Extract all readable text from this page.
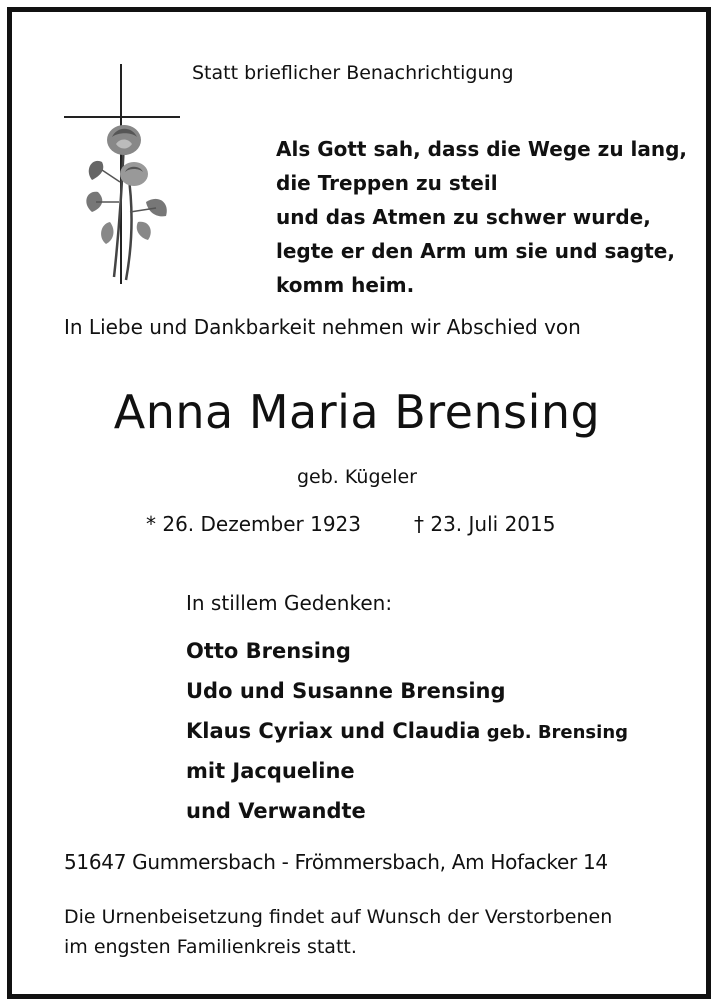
Statt brieflicher Benachrichtigung
Als Gott sah, dass die Wege zu lang,
die Treppen zu steil
und das Atmen zu schwer wurde,
legte er den Arm um sie und sagte,
komm heim.
In Liebe und Dankbarkeit nehmen wir Abschied von
Anna Maria Brensing
geb. Kügeler
* 26. Dezember 1923	† 23. Juli 2015
In stillem Gedenken:
Otto Brensing
Udo und Susanne Brensing
Klaus Cyriax und Claudia geb. Brensing
mit Jacqueline
und Verwandte
51647 Gummersbach - Frömmersbach, Am Hofacker 14
Die Urnenbeisetzung findet auf Wunsch der Verstorbenen
im engsten Familienkreis statt.
